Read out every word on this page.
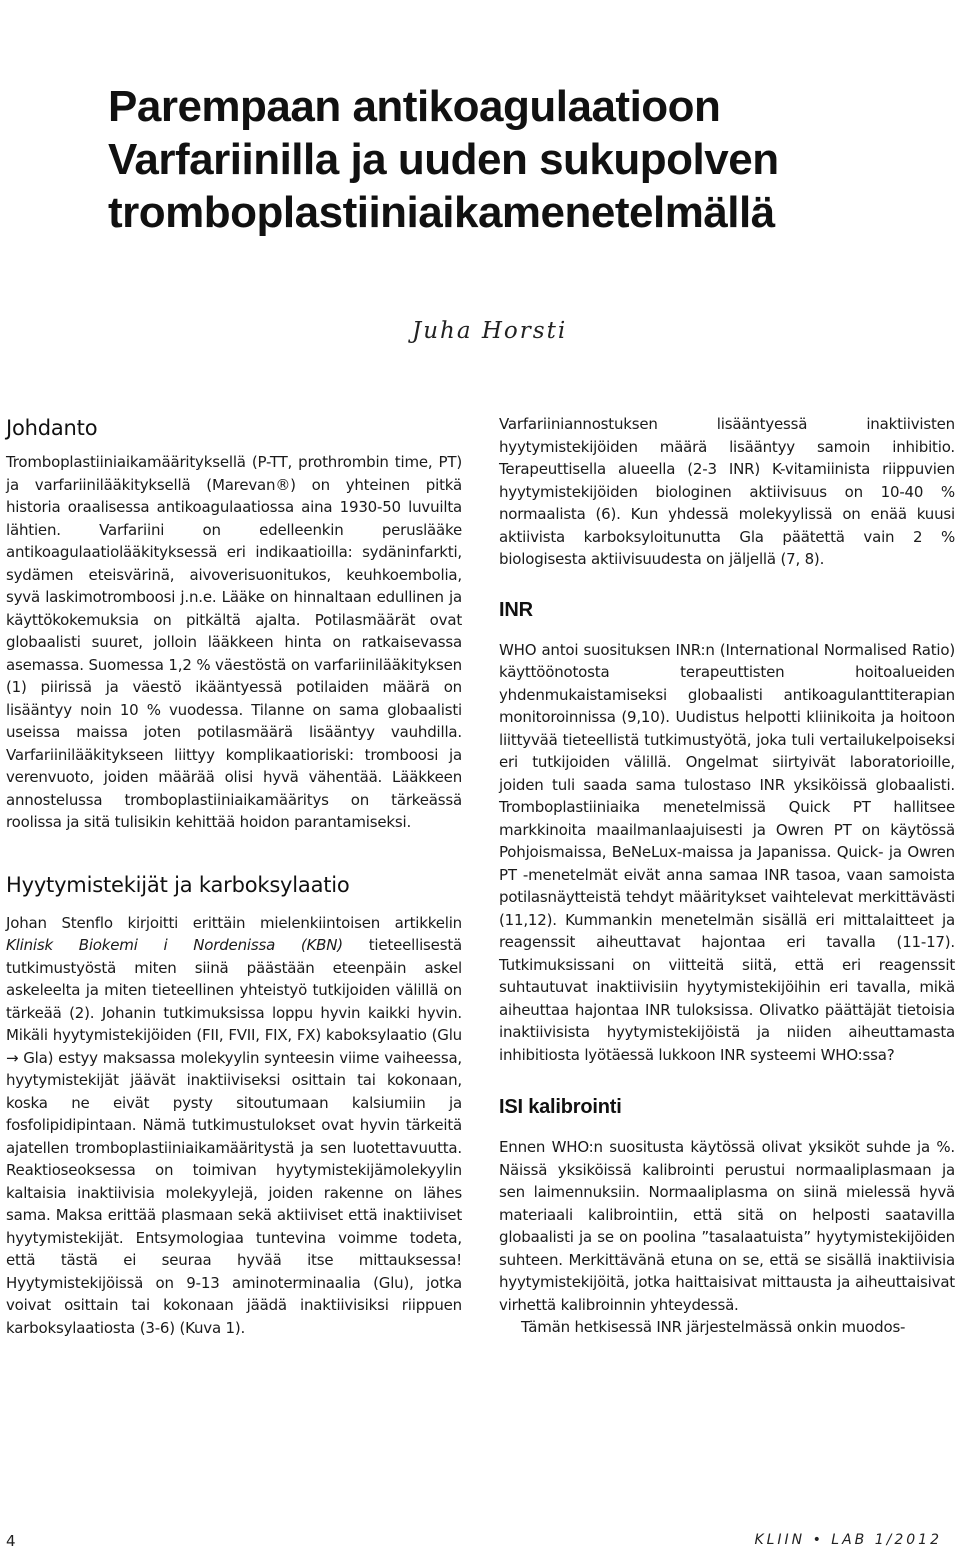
Parempaan antikoagulaatioon
Varfariinilla ja uuden sukupolven
tromboplastiiniaikamenetelmällä
Juha Horsti
Johdanto

Tromboplastiiniaikamäärityksellä (P-TT, prothrombin time, PT) ja varfariinilääkityksellä (Marevan®) on yhteinen pitkä historia oraalisessa antikoagulaatiossa aina 1930-50 luvuilta lähtien. Varfariini on edelleenkin peruslääke antikoagulaatiolääkityksessä eri indikaatioilla: sydäninfarkti, sydämen eteisvärinä, aivoverisuonitukos, keuhkoembolia, syvä laskimotromboosi j.n.e. Lääke on hinnaltaan edullinen ja käyttökokemuksia on pitkältä ajalta. Potilasmäärät ovat globaalisti suuret, jolloin lääkkeen hinta on ratkaisevassa asemassa. Suomessa 1,2 % väestöstä on varfariinilääkityksen (1) piirissä ja väestö ikääntyessä potilaiden määrä on lisääntyy noin 10 % vuodessa. Tilanne on sama globaalisti useissa maissa joten potilasmäärä lisääntyy vauhdilla. Varfariinilääkitykseen liittyy komplikaatioriski: tromboosi ja verenvuoto, joiden määrää olisi hyvä vähentää. Lääkkeen annostelussa tromboplastiiniaikamääritys on tärkeässä roolissa ja sitä tulisikin kehittää hoidon parantamiseksi.

Hyytymistekijät ja karboksylaatio

Johan Stenflo kirjoitti erittäin mielenkiintoisen artikkelin Klinisk Biokemi i Nordenissa (KBN) tieteellisestä tutkimustyöstä miten siinä päästään eteenpäin askel askeleelta ja miten tieteellinen yhteistyö tutkijoiden välillä on tärkeää (2). Johanin tutkimuksissa loppu hyvin kaikki hyvin. Mikäli hyytymistekijöiden (FII, FVII, FIX, FX) kaboksylaatio (Glu → Gla) estyy maksassa molekyylin synteesin viime vaiheessa, hyytymistekijät jäävät inaktiiviseksi osittain tai kokonaan, koska ne eivät pysty sitoutumaan kalsiumiin ja fosfolipidipintaan. Nämä tutkimustulokset ovat hyvin tärkeitä ajatellen tromboplastiiniaikamääritystä ja sen luotettavuutta. Reaktioseoksessa on toimivan hyytymistekijämolekyylin kaltaisia inaktiivisia molekyylejä, joiden rakenne on lähes sama. Maksa erittää plasmaan sekä aktiiviset että inaktiiviset hyytymistekijät. Entsymologiaa tuntevina voimme todeta, että tästä ei seuraa hyvää itse mittauksessa! Hyytymistekijöissä on 9-13 aminoterminaalia (Glu), jotka voivat osittain tai kokonaan jäädä inaktiivisiksi riippuen karboksylaatiosta (3-6) (Kuva 1).

Varfariiniannostuksen lisääntyessä inaktiivisten hyytymistekijöiden määrä lisääntyy samoin inhibitio. Terapeuttisella alueella (2-3 INR) K-vitamiinista riippuvien hyytymistekijöiden biologinen aktiivisuus on 10-40 % normaalista (6). Kun yhdessä molekyylissä on enää kuusi aktiivista karboksyloitunutta Gla päätettä vain 2 % biologisesta aktiivisuudesta on jäljellä (7, 8).

INR

WHO antoi suosituksen INR:n (International Normalised Ratio) käyttöönotosta terapeuttisten hoitoalueiden yhdenmukaistamiseksi globaalisti antikoagulanttiterapian monitoroinnissa (9,10). Uudistus helpotti kliinikoita ja hoitoon liittyvää tieteellistä tutkimustyötä, joka tuli vertailukelpoiseksi eri tutkijoiden välillä. Ongelmat siirtyivät laboratorioille, joiden tuli saada sama tulostaso INR yksiköissä globaalisti. Tromboplastiiniaika menetelmissä Quick PT hallitsee markkinoita maailmanlaajuisesti ja Owren PT on käytössä Pohjoismaissa, BeNeLux-maissa ja Japanissa. Quick- ja Owren PT -menetelmät eivät anna samaa INR tasoa, vaan samoista potilasnäytteistä tehdyt määritykset vaihtelevat merkittävästi (11,12). Kummankin menetelmän sisällä eri mittalaitteet ja reagenssit aiheuttavat hajontaa eri tavalla (11-17). Tutkimuksissani on viitteitä siitä, että eri reagenssit suhtautuvat inaktiivisiin hyytymistekijöihin eri tavalla, mikä aiheuttaa hajontaa INR tuloksissa. Olivatko päättäjät tietoisia inaktiivisista hyytymistekijöistä ja niiden aiheuttamasta inhibitiosta lyötäessä lukkoon INR systeemi WHO:ssa?

ISI kalibrointi

Ennen WHO:n suositusta käytössä olivat yksiköt suhde ja %. Näissä yksiköissä kalibrointi perustui normaaliplasmaan ja sen laimennuksiin. Normaaliplasma on siinä mielessä hyvä materiaali kalibrointiin, että sitä on helposti saatavilla globaalisti ja se on poolina ”tasalaatuista” hyytymistekijöiden suhteen. Merkittävänä etuna on se, että se sisällä inaktiivisia hyytymistekijöitä, jotka haittaisivat mittausta ja aiheuttaisivat virhettä kalibroinnin yhteydessä.

Tämän hetkisessä INR järjestelmässä onkin muodos-

4	KLIIN • LAB 1/2012
